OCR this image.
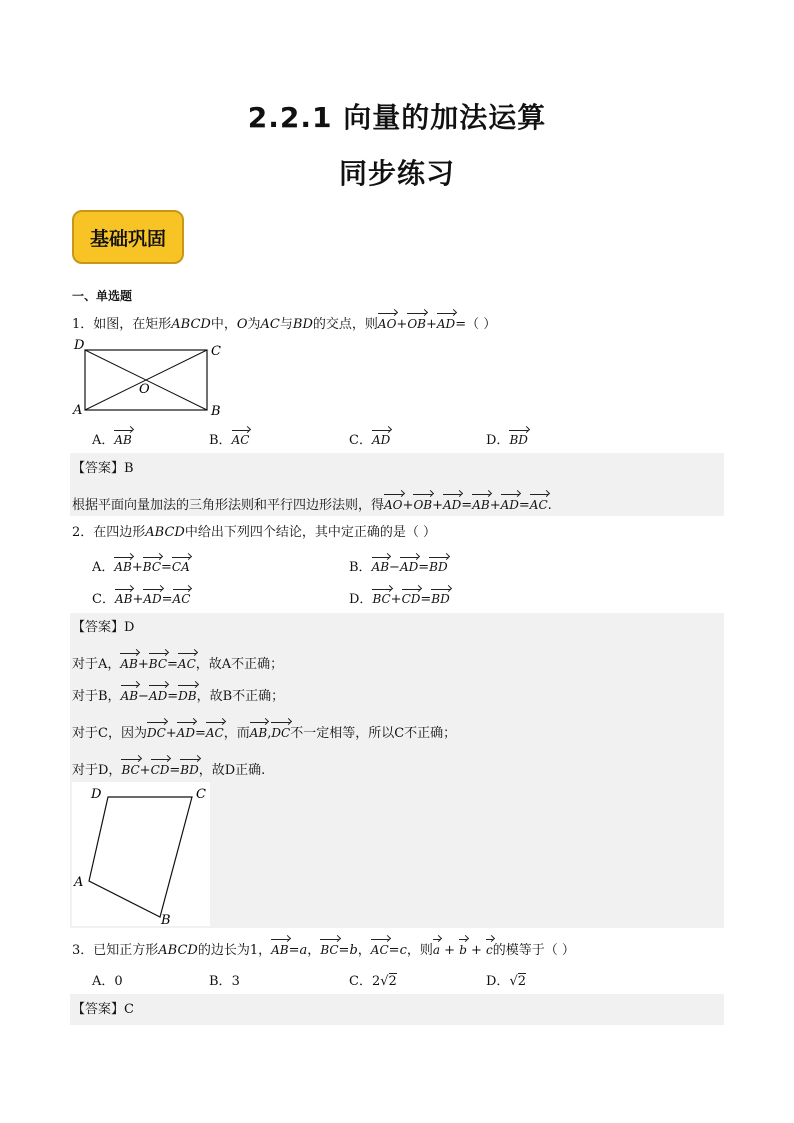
2.2.1 向量的加法运算
同步练习
基础巩固
一、单选题
1．如图，在矩形ABCD中，O为AC与BD的交点，则AO+OB+AD=（ ）
D	C
A	B
O
A．AB	B．AC	C．AD	D．BD
【答案】B
根据平面向量加法的三角形法则和平行四边形法则，得AO+OB+AD=AB+AD=AC.
2．在四边形ABCD中给出下列四个结论，其中定正确的是（ ）
A．AB+BC=CA	B．AB−AD=BD
C．AB+AD=AC	D．BC+CD=BD
【答案】D
对于A，AB+BC=AC，故A不正确；
对于B，AB−AD=DB，故B不正确；
对于C，因为DC+AD=AC，而AB,DC不一定相等，所以C不正确；
对于D，BC+CD=BD，故D正确.
D	C
A
B
3．已知正方形ABCD的边长为1，AB=a，BC=b，AC=c，则a + b + c的模等于（ ）
A．0	B．3	C．2√2	D．√2
【答案】C
